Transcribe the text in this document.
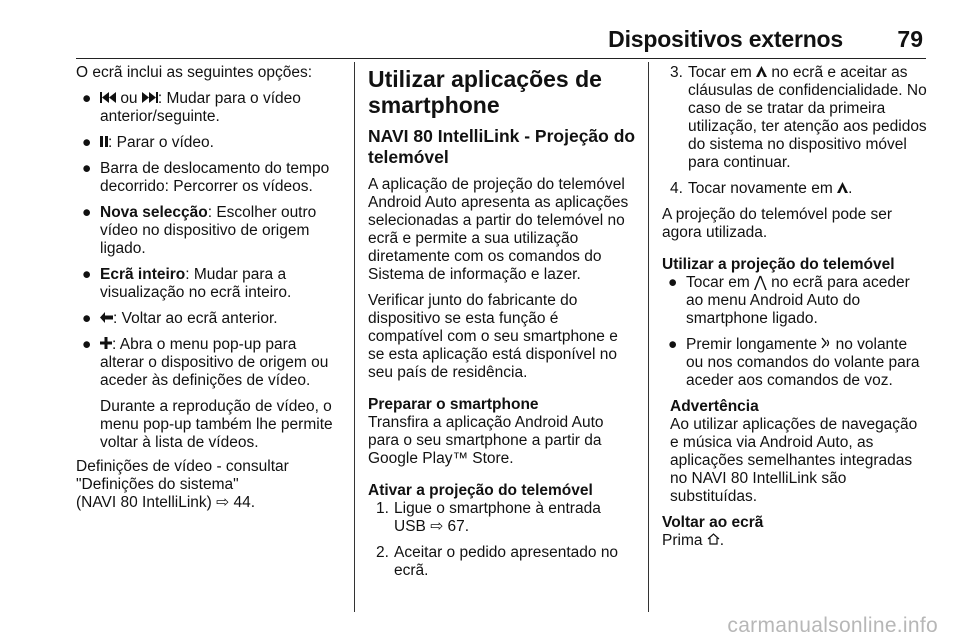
Dispositivos externos 79

O ecrã inclui as seguintes opções:

● ou : Mudar para o vídeo anterior/seguinte.
● : Parar o vídeo.
● Barra de deslocamento do tempo decorrido: Percorrer os vídeos.
● Nova selecção: Escolher outro vídeo no dispositivo de origem ligado.
● Ecrã inteiro: Mudar para a visualização no ecrã inteiro.
● : Voltar ao ecrã anterior.
● : Abra o menu pop-up para alterar o dispositivo de origem ou aceder às definições de vídeo.

Durante a reprodução de vídeo, o menu pop-up também lhe permite voltar à lista de vídeos.

Definições de vídeo - consultar
"Definições do sistema"
(NAVI 80 IntelliLink) ⇨ 44.

Utilizar aplicações de smartphone
NAVI 80 IntelliLink - Projeção do telemóvel

A aplicação de projeção do telemóvel Android Auto apresenta as aplicações selecionadas a partir do telemóvel no ecrã e permite a sua utilização diretamente com os comandos do Sistema de informação e lazer.

Verificar junto do fabricante do dispositivo se esta função é compatível com o seu smartphone e se esta aplicação está disponível no seu país de residência.

Preparar o smartphone

Transfira a aplicação Android Auto para o seu smartphone a partir da Google Play™ Store.

Ativar a projeção do telemóvel
1. Ligue o smartphone à entrada USB ⇨ 67.
2. Aceitar o pedido apresentado no ecrã.
3. Tocar em no ecrã e aceitar as cláusulas de confidencialidade. No caso de se tratar da primeira utilização, ter atenção aos pedidos do sistema no dispositivo móvel para continuar.
4. Tocar novamente em .

A projeção do telemóvel pode ser agora utilizada.

Utilizar a projeção do telemóvel
● Tocar em ⋀ no ecrã para aceder ao menu Android Auto do smartphone ligado.
● Premir longamente no volante ou nos comandos do volante para aceder aos comandos de voz.
Advertência
Ao utilizar aplicações de navegação e música via Android Auto, as aplicações semelhantes integradas no NAVI 80 IntelliLink são substituídas.
Voltar ao ecrã

Prima .

carmanualsonline.info
